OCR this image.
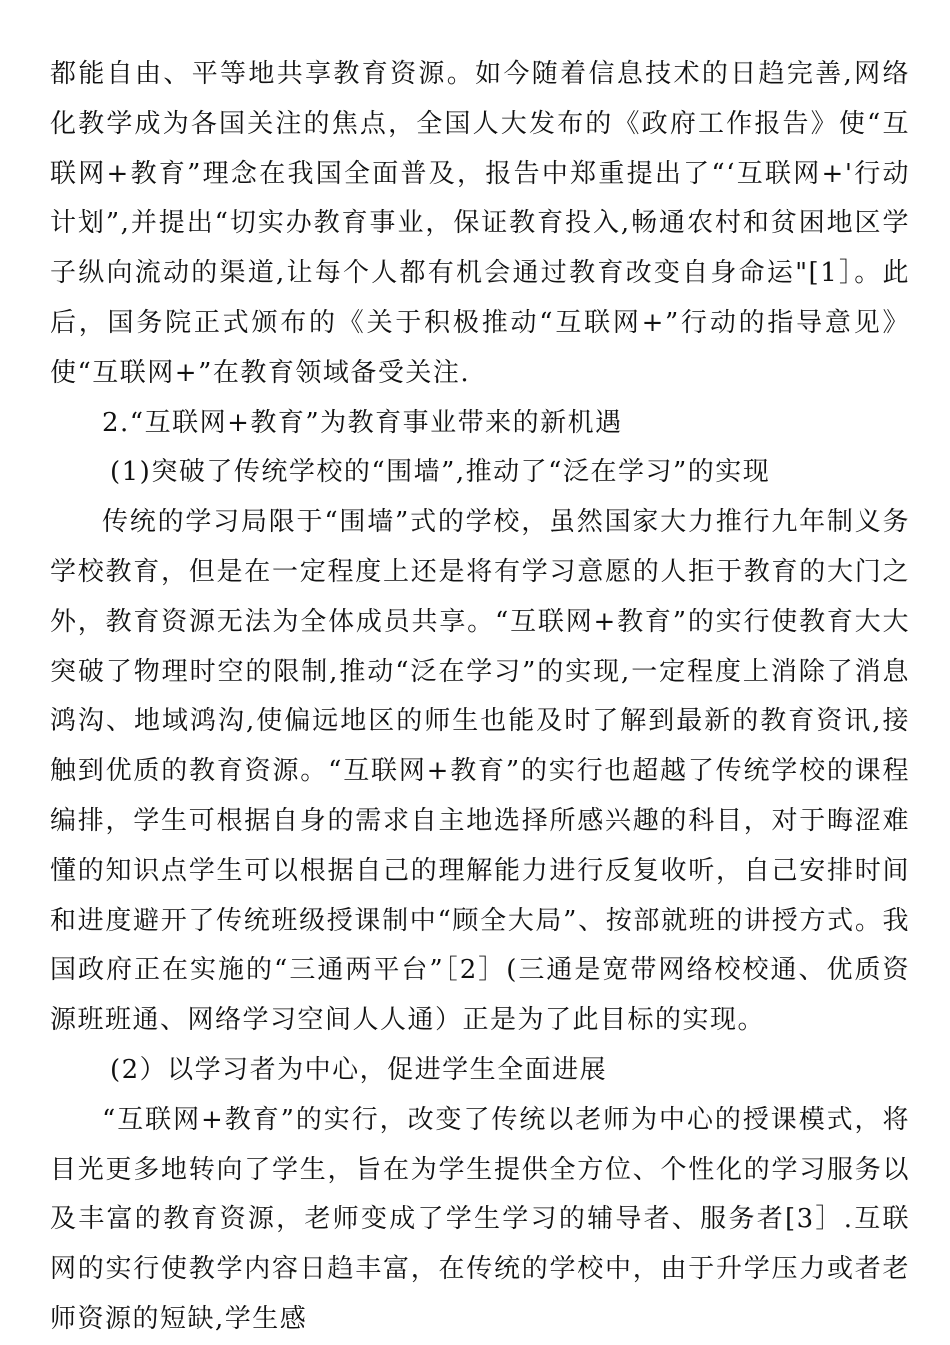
都能自由、平等地共享教育资源。如今随着信息技术的日趋完善,网络化教学成为各国关注的焦点，全国人大发布的《政府工作报告》使“互联网+教育”理念在我国全面普及，报告中郑重提出了“‘互联网+'行动计划”,并提出“切实办教育事业，保证教育投入,畅通农村和贫困地区学子纵向流动的渠道,让每个人都有机会通过教育改变自身命运"[1］。此后，国务院正式颁布的《关于积极推动“互联网+”行动的指导意见》使“互联网+”在教育领域备受关注.

2.“互联网+教育”为教育事业带来的新机遇

(1)突破了传统学校的“围墙”,推动了“泛在学习”的实现

传统的学习局限于“围墙”式的学校，虽然国家大力推行九年制义务学校教育，但是在一定程度上还是将有学习意愿的人拒于教育的大门之外，教育资源无法为全体成员共享。“互联网+教育”的实行使教育大大突破了物理时空的限制,推动“泛在学习”的实现,一定程度上消除了消息鸿沟、地域鸿沟,使偏远地区的师生也能及时了解到最新的教育资讯,接触到优质的教育资源。“互联网+教育”的实行也超越了传统学校的课程编排，学生可根据自身的需求自主地选择所感兴趣的科目，对于晦涩难懂的知识点学生可以根据自己的理解能力进行反复收听，自己安排时间和进度避开了传统班级授课制中“顾全大局”、按部就班的讲授方式。我国政府正在实施的“三通两平台”［2］(三通是宽带网络校校通、优质资源班班通、网络学习空间人人通）正是为了此目标的实现。

(2）以学习者为中心，促进学生全面进展

“互联网+教育”的实行，改变了传统以老师为中心的授课模式，将目光更多地转向了学生，旨在为学生提供全方位、个性化的学习服务以及丰富的教育资源，老师变成了学生学习的辅导者、服务者[3］.互联网的实行使教学内容日趋丰富，在传统的学校中，由于升学压力或者老师资源的短缺,学生感
